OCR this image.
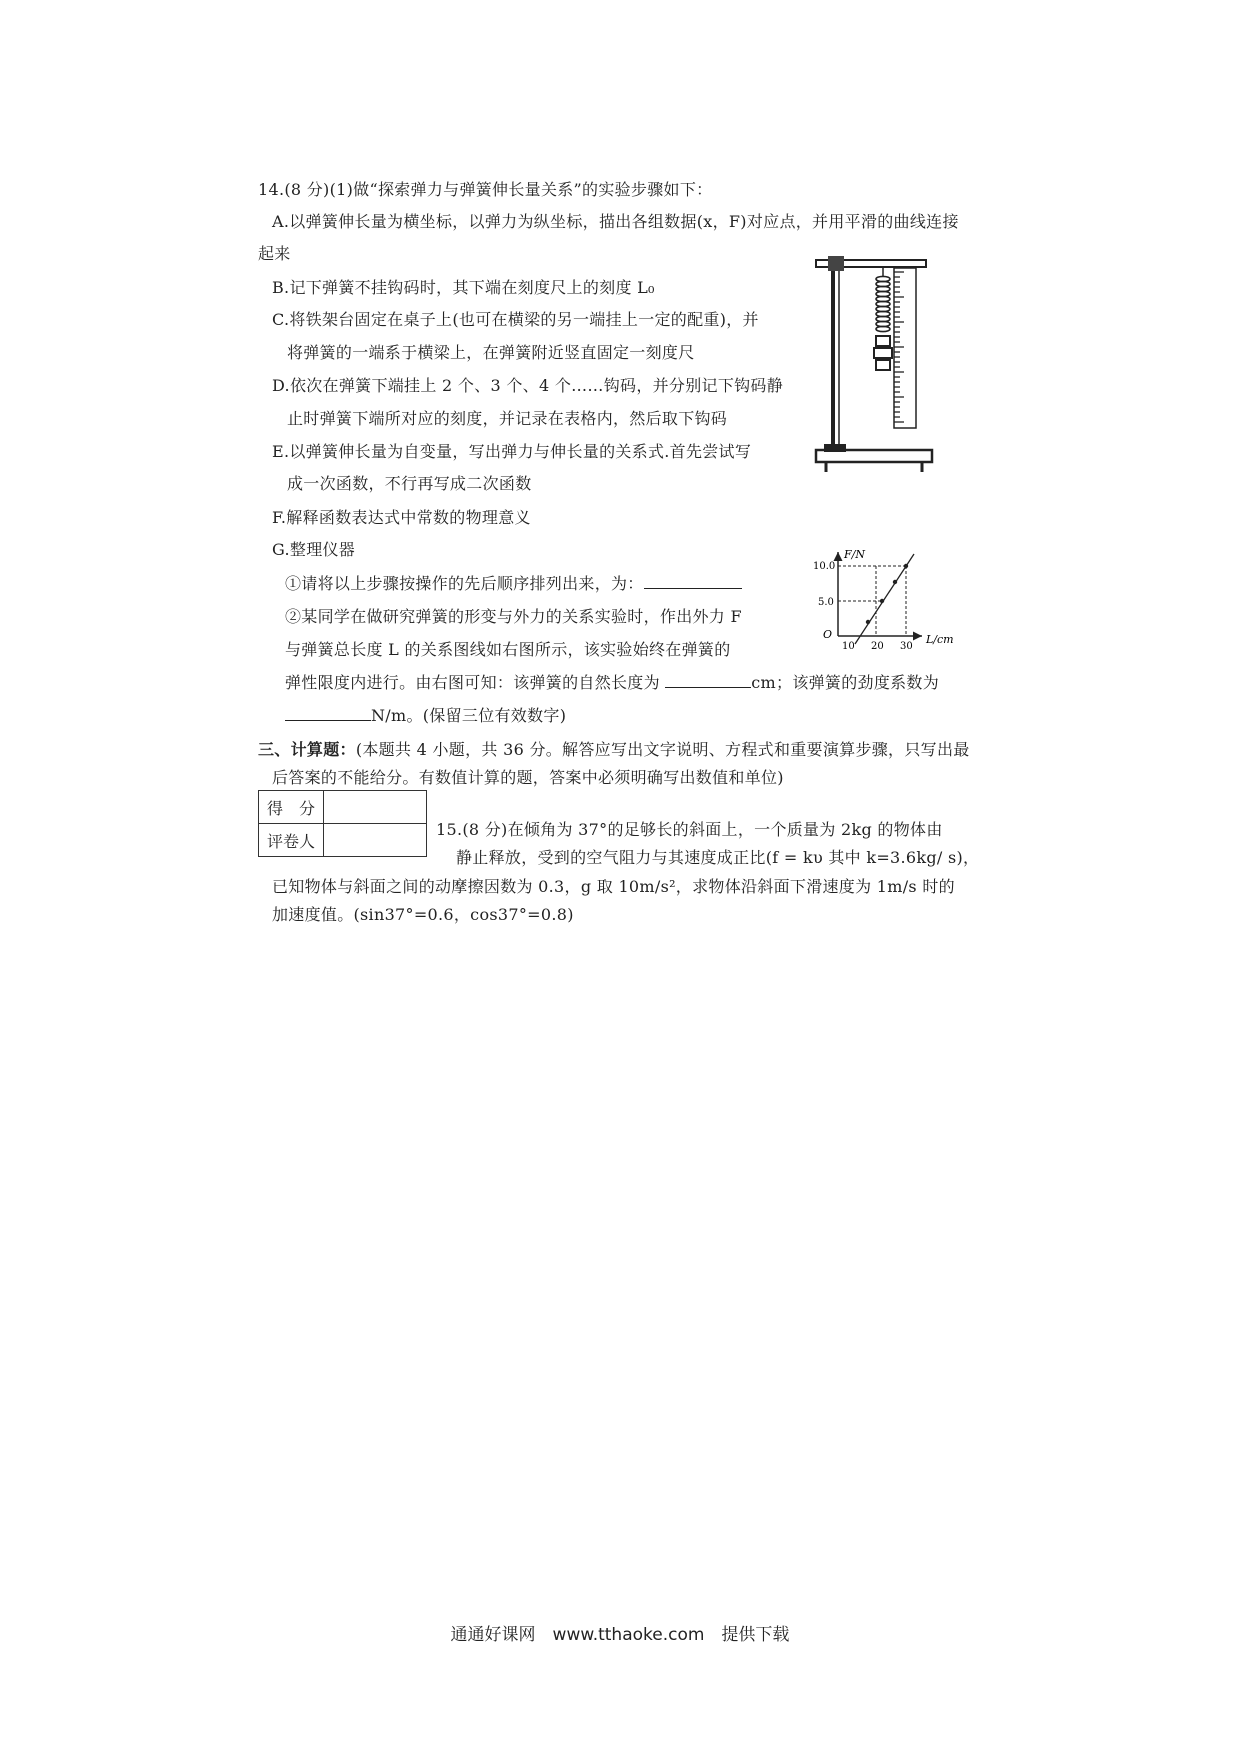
14.(8 分)(1)做“探索弹力与弹簧伸长量关系”的实验步骤如下：
A.以弹簧伸长量为横坐标，以弹力为纵坐标，描出各组数据(x，F)对应点，并用平滑的曲线连接
起来
B.记下弹簧不挂钩码时，其下端在刻度尺上的刻度 L₀
C.将铁架台固定在桌子上(也可在横梁的另一端挂上一定的配重)，并
将弹簧的一端系于横梁上，在弹簧附近竖直固定一刻度尺
D.依次在弹簧下端挂上 2 个、3 个、4 个……钩码，并分别记下钩码静
止时弹簧下端所对应的刻度，并记录在表格内，然后取下钩码
E.以弹簧伸长量为自变量，写出弹力与伸长量的关系式.首先尝试写
成一次函数，不行再写成二次函数
F.解释函数表达式中常数的物理意义
G.整理仪器
①请将以上步骤按操作的先后顺序排列出来，为：
②某同学在做研究弹簧的形变与外力的关系实验时，作出外力 F
与弹簧总长度 L 的关系图线如右图所示，该实验始终在弹簧的
弹性限度内进行。由右图可知：该弹簧的自然长度为	cm；该弹簧的劲度系数为
N/m。(保留三位有效数字)
F/N
L/cm
O
10.0
5.0
10 20 30
三、计算题：(本题共 4 小题，共 36 分。解答应写出文字说明、方程式和重要演算步骤，只写出最
后答案的不能给分。有数值计算的题，答案中必须明确写出数值和单位)
得　分	
评卷人	
15.(8 分)在倾角为 37°的足够长的斜面上，一个质量为 2kg 的物体由
静止释放，受到的空气阻力与其速度成正比(f = kυ 其中 k=3.6kg/ s)，
已知物体与斜面之间的动摩擦因数为 0.3，g 取 10m/s²，求物体沿斜面下滑速度为 1m/s 时的
加速度值。(sin37°=0.6，cos37°=0.8)
通通好课网　www.tthaoke.com　提供下载
